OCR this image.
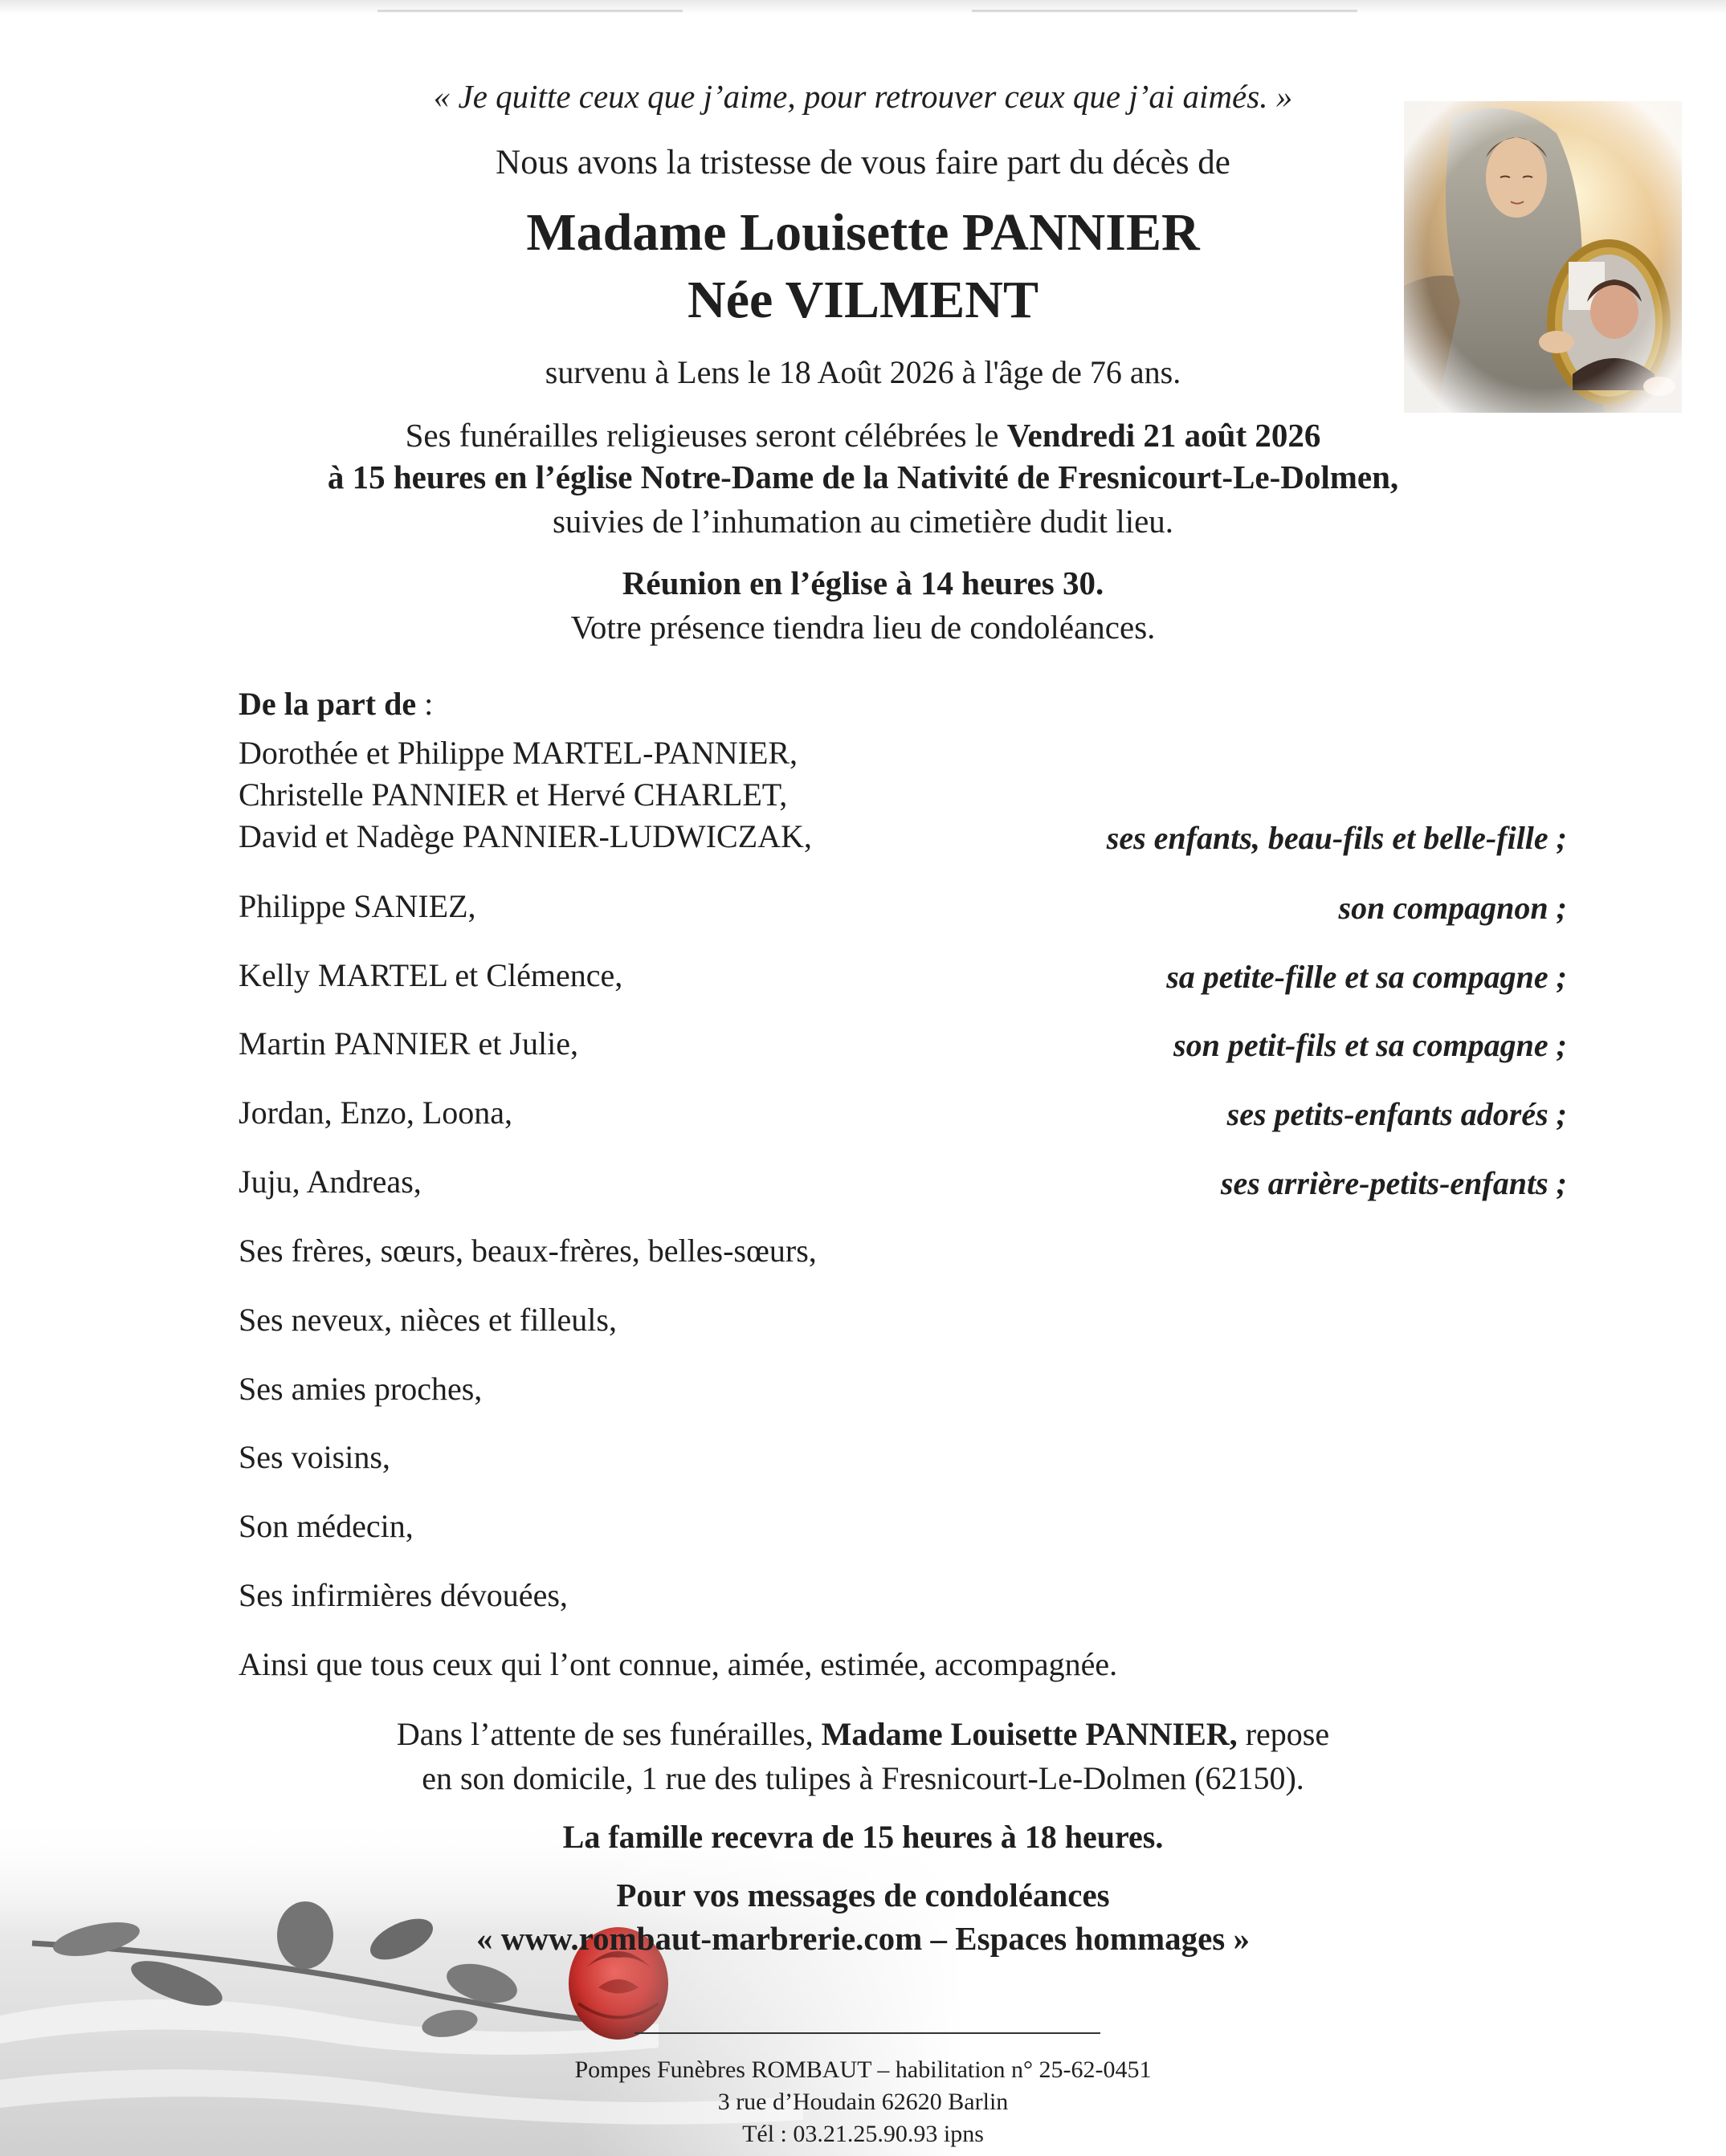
« Je quitte ceux que j’aime, pour retrouver ceux que j’ai aimés. »
Nous avons la tristesse de vous faire part du décès de
Madame Louisette PANNIER
Née VILMENT
survenu à Lens le 18 Août 2026 à l'âge de 76 ans.
Ses funérailles religieuses seront célébrées le Vendredi 21 août 2026
à 15 heures en l’église Notre-Dame de la Nativité de Fresnicourt-Le-Dolmen,
suivies de l’inhumation au cimetière dudit lieu.
Réunion en l’église à 14 heures 30.
Votre présence tiendra lieu de condoléances.
De la part de :
Dorothée et Philippe MARTEL-PANNIER,
Christelle PANNIER et Hervé CHARLET,
David et Nadège PANNIER-LUDWICZAK,	ses enfants, beau-fils et belle-fille ;
Philippe SANIEZ,	son compagnon ;
Kelly MARTEL et Clémence,	sa petite-fille et sa compagne ;
Martin PANNIER et Julie,	son petit-fils et sa compagne ;
Jordan, Enzo, Loona,	ses petits-enfants adorés ;
Juju, Andreas,	ses arrière-petits-enfants ;
Ses frères, sœurs, beaux-frères, belles-sœurs,
Ses neveux, nièces et filleuls,
Ses amies proches,
Ses voisins,
Son médecin,
Ses infirmières dévouées,
Ainsi que tous ceux qui l’ont connue, aimée, estimée, accompagnée.
Dans l’attente de ses funérailles, Madame Louisette PANNIER, repose
en son domicile, 1 rue des tulipes à Fresnicourt-Le-Dolmen (62150).
La famille recevra de 15 heures à 18 heures.
Pour vos messages de condoléances
« www.rombaut-marbrerie.com – Espaces hommages »
Pompes Funèbres ROMBAUT – habilitation n° 25-62-0451
3 rue d’Houdain 62620 Barlin
Tél : 03.21.25.90.93 ipns
